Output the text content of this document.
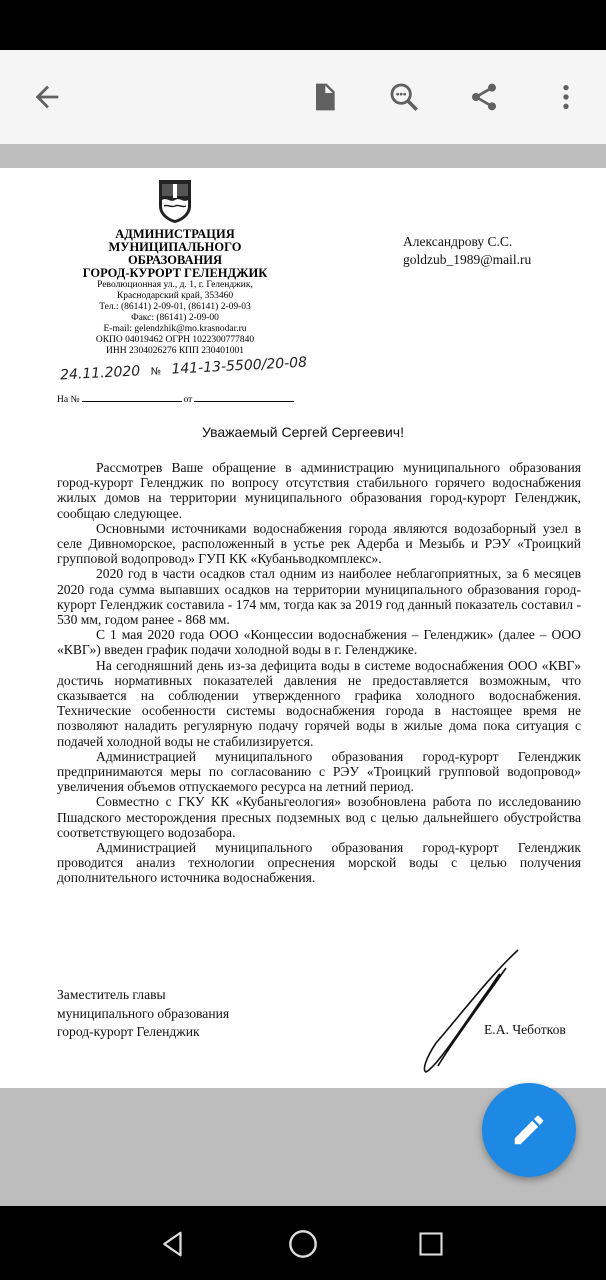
АДМИНИСТРАЦИЯ
МУНИЦИПАЛЬНОГО
ОБРАЗОВАНИЯ
ГОРОД-КУРОРТ ГЕЛЕНДЖИК
Революционная ул., д. 1, г. Геленджик,
Краснодарский край, 353460
Тел.: (86141) 2-09-01, (86141) 2-09-03
Факс: (86141) 2-09-00
E-mail: gelendzhik@mo.krasnodar.ru
ОКПО 04019462 ОГРН 1022300777840
ИНН 2304026276 КПП 230401001
24.11.2020 № 141-13-5500/20-08
На №	от
Александрову С.С.
goldzub_1989@mail.ru
Уважаемый Сергей Сергеевич!

Рассмотрев Ваше обращение в администрацию муниципального образования город-курорт Геленджик по вопросу отсутствия стабильного горячего водоснабжения жилых домов на территории муниципального образования город-курорт Геленджик, сообщаю следующее.

Основными источниками водоснабжения города являются водозаборный узел в селе Дивноморское, расположенный в устье рек Адерба и Мезыбь и РЭУ «Троицкий групповой водопровод» ГУП КК «Кубаньводкомплекс».

2020 год в части осадков стал одним из наиболее неблагоприятных, за 6 месяцев 2020 года сумма выпавших осадков на территории муниципального образования город-курорт Геленджик составила - 174 мм, тогда как за 2019 год данный показатель составил - 530 мм, годом ранее - 868 мм.

С 1 мая 2020 года ООО «Концессии водоснабжения – Геленджик» (далее – ООО «КВГ») введен график подачи холодной воды в г. Геленджике.

На сегодняшний день из-за дефицита воды в системе водоснабжения ООО «КВГ» достичь нормативных показателей давления не предоставляется возможным, что сказывается на соблюдении утвержденного графика холодного водоснабжения. Технические особенности системы водоснабжения города в настоящее время не позволяют наладить регулярную подачу горячей воды в жилые дома пока ситуация с подачей холодной воды не стабилизируется.

Администрацией муниципального образования город-курорт Геленджик предпринимаются меры по согласованию с РЭУ «Троицкий групповой водопровод» увеличения объемов отпускаемого ресурса на летний период.

Совместно с ГКУ КК «Кубаньгеология» возобновлена работа по исследованию Пшадского месторождения пресных подземных вод с целью дальнейшего обустройства соответствующего водозабора.

Администрацией муниципального образования город-курорт Геленджик проводится анализ технологии опреснения морской воды с целью получения дополнительного источника водоснабжения.

Заместитель главы
муниципального образования
город-курорт Геленджик	Е.А. Чеботков
